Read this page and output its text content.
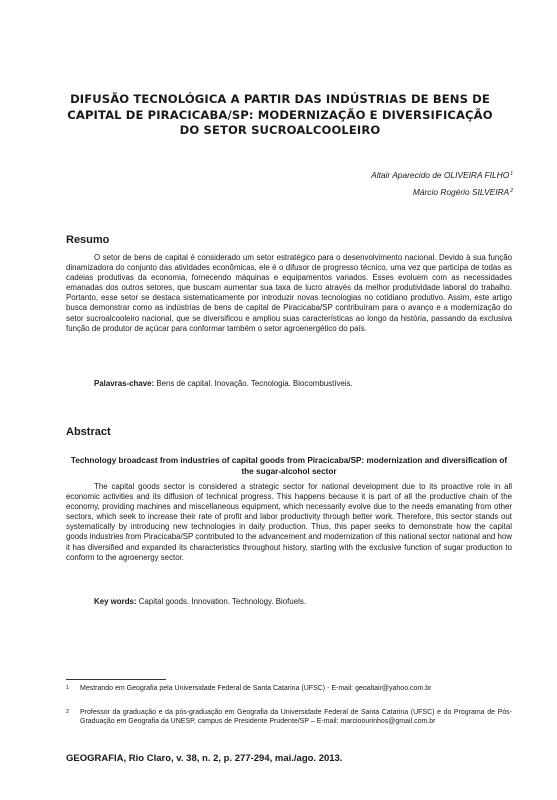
DIFUSÃO TECNOLÓGICA A PARTIR DAS INDÚSTRIAS DE BENS DE CAPITAL DE PIRACICABA/SP: MODERNIZAÇÃO E DIVERSIFICAÇÃO DO SETOR SUCROALCOOLEIRO
Altair Aparecido de OLIVEIRA FILHO$^1$
Márcio Rogério SILVEIRA$^2$
Resumo
O setor de bens de capital é considerado um setor estratégico para o desenvolvimento nacional. Devido à sua função dinamizadora do conjunto das atividades econômicas, ele é o difusor de progresso técnico, uma vez que participa de todas as cadeias produtivas da economia, fornecendo máquinas e equipamentos variados. Esses evoluem com as necessidades emanadas dos outros setores, que buscam aumentar sua taxa de lucro através da melhor produtividade laboral do trabalho. Portanto, esse setor se destaca sistematicamente por introduzir novas tecnologias no cotidiano produtivo. Assim, este artigo busca demonstrar como as indústrias de bens de capital de Piracicaba/SP contribuíram para o avanço e a modernização do setor sucroalcooleiro nacional, que se diversificou e ampliou suas características ao longo da história, passando da exclusiva função de produtor de açúcar para conformar também o setor agroenergético do país.
Palavras-chave: Bens de capital. Inovação. Tecnologia. Biocombustíveis.
Abstract
Technology broadcast from industries of capital goods from Piracicaba/SP: modernization and diversification of the sugar-alcohol sector
The capital goods sector is considered a strategic sector for national development due to its proactive role in all economic activities and its diffusion of technical progress. This happens because it is part of all the productive chain of the economy, providing machines and miscellaneous equipment, which necessarily evolve due to the needs emanating from other sectors, which seek to increase their rate of profit and labor productivity through better work. Therefore, this sector stands out systematically by introducing new technologies in daily production. Thus, this paper seeks to demonstrate how the capital goods industries from Piracicaba/SP contributed to the advancement and modernization of this national sector national and how it has diversified and expanded its characteristics throughout history, starting with the exclusive function of sugar production to conform to the agroenergy sector.
Key words: Capital goods. Innovation. Technology. Biofuels.
1	Mestrando em Geografia pela Universidade Federal de Santa Catarina (UFSC) - E-mail: geoaltair@yahoo.com.br
2	Professor da graduação e da pós-graduação em Geografia da Universidade Federal de Santa Catarina (UFSC) e do Programa de Pós-Graduação em Geografia da UNESP, campus de Presidente Prudente/SP – E-mail: marcioourinhos@gmail.com.br
GEOGRAFIA, Rio Claro, v. 38, n. 2, p. 277-294, mai./ago. 2013.
